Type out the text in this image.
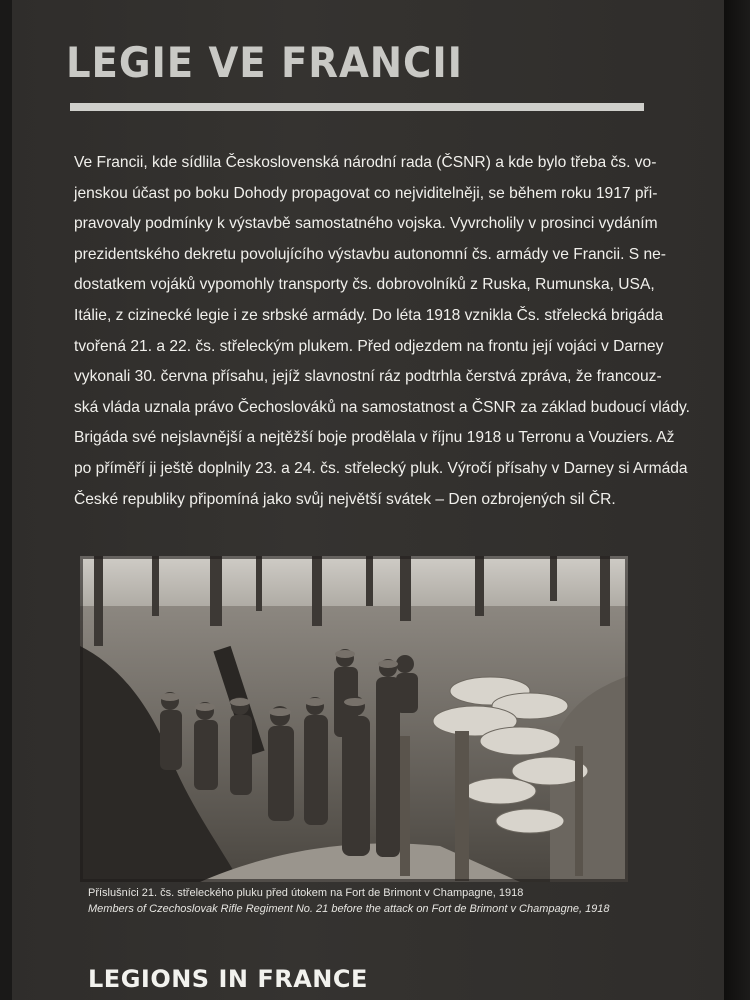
LEGIE VE FRANCII

Ve Francii, kde sídlila Československá národní rada (ČSNR) a kde bylo třeba čs. vo-
jenskou účast po boku Dohody propagovat co nejviditelněji, se během roku 1917 při-
pravovaly podmínky k výstavbě samostatného vojska. Vyvrcholily v prosinci vydáním
prezidentského dekretu povolujícího výstavbu autonomní čs. armády ve Francii. S ne-
dostatkem vojáků vypomohly transporty čs. dobrovolníků z Ruska, Rumunska, USA,
Itálie, z cizinecké legie i ze srbské armády. Do léta 1918 vznikla Čs. střelecká brigáda
tvořená 21. a 22. čs. střeleckým plukem. Před odjezdem na frontu její vojáci v Darney
vykonali 30. června přísahu, jejíž slavnostní ráz podtrhla čerstvá zpráva, že francouz-
ská vláda uznala právo Čechoslováků na samostatnost a ČSNR za základ budoucí vlády.
Brigáda své nejslavnější a nejtěžší boje prodělala v říjnu 1918 u Terronu a Vouziers. Až
po příměří ji ještě doplnily 23. a 24. čs. střelecký pluk. Výročí přísahy v Darney si Armáda
České republiky připomíná jako svůj největší svátek – Den ozbrojených sil ČR.

Příslušníci 21. čs. střeleckého pluku před útokem na Fort de Brimont v Champagne, 1918
Members of Czechoslovak Rifle Regiment No. 21 before the attack on Fort de Brimont v Champagne, 1918
LEGIONS IN FRANCE
